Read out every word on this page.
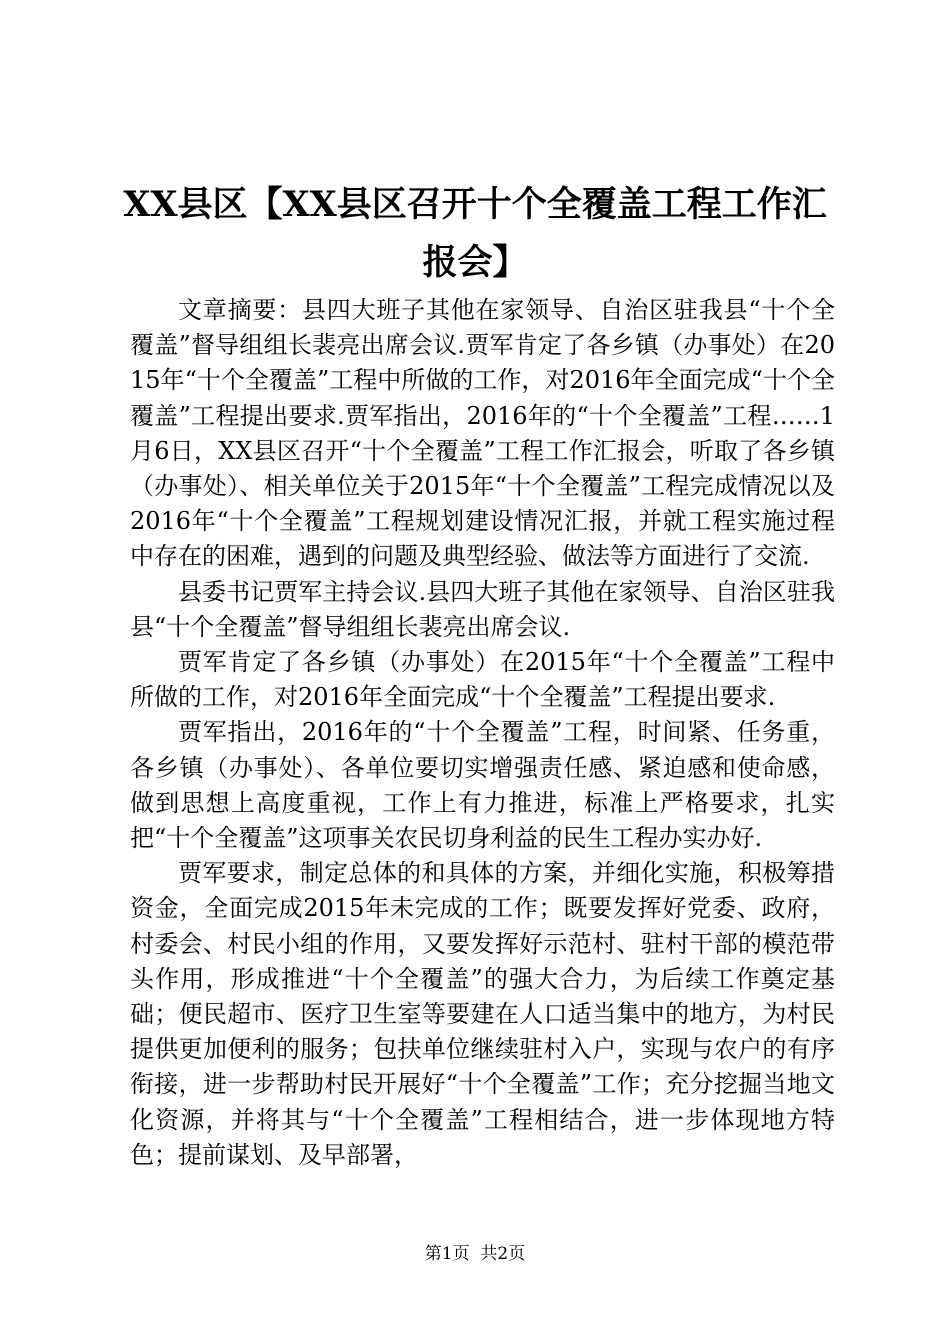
XX县区【XX县区召开十个全覆盖工程工作汇
报会】

文章摘要：县四大班子其他在家领导、自治区驻我县“十个全覆盖”督导组组长裴亮出席会议.贾军肯定了各乡镇（办事处）在2015年“十个全覆盖”工程中所做的工作，对2016年全面完成“十个全覆盖”工程提出要求.贾军指出，2016年的“十个全覆盖”工程……1月6日，XX县区召开“十个全覆盖”工程工作汇报会，听取了各乡镇（办事处）、相关单位关于2015年“十个全覆盖”工程完成情况以及2016年“十个全覆盖”工程规划建设情况汇报，并就工程实施过程中存在的困难，遇到的问题及典型经验、做法等方面进行了交流.

县委书记贾军主持会议.县四大班子其他在家领导、自治区驻我县“十个全覆盖”督导组组长裴亮出席会议.

贾军肯定了各乡镇（办事处）在2015年“十个全覆盖”工程中所做的工作，对2016年全面完成“十个全覆盖”工程提出要求.

贾军指出，2016年的“十个全覆盖”工程，时间紧、任务重，各乡镇（办事处）、各单位要切实增强责任感、紧迫感和使命感，做到思想上高度重视，工作上有力推进，标准上严格要求，扎实把“十个全覆盖”这项事关农民切身利益的民生工程办实办好.

贾军要求，制定总体的和具体的方案，并细化实施，积极筹措资金，全面完成2015年未完成的工作；既要发挥好党委、政府，村委会、村民小组的作用，又要发挥好示范村、驻村干部的模范带头作用，形成推进“十个全覆盖”的强大合力，为后续工作奠定基础；便民超市、医疗卫生室等要建在人口适当集中的地方，为村民提供更加便利的服务；包扶单位继续驻村入户，实现与农户的有序衔接，进一步帮助村民开展好“十个全覆盖”工作；充分挖掘当地文化资源，并将其与“十个全覆盖”工程相结合，进一步体现地方特色；提前谋划、及早部署，

第1页 共2页
